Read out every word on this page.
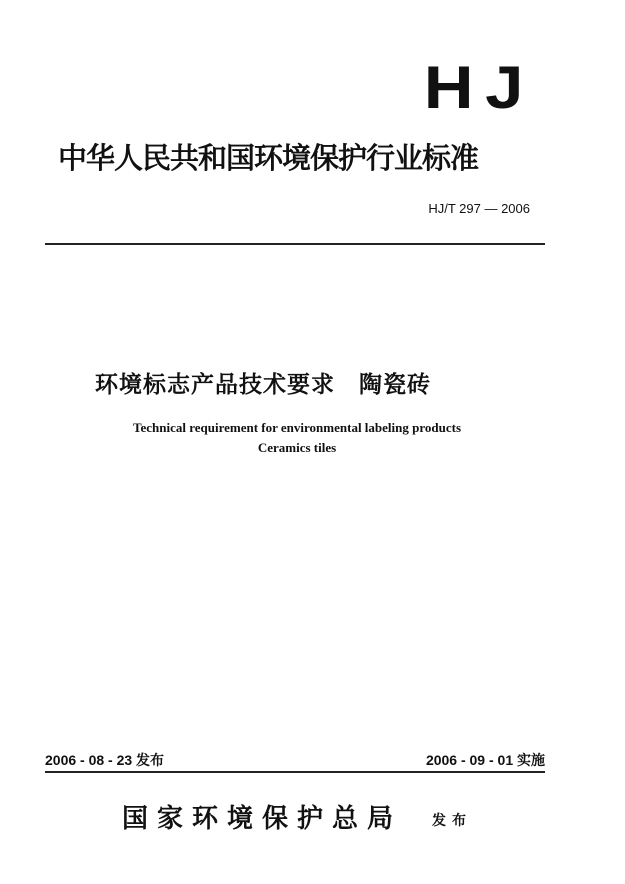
HJ
中华人民共和国环境保护行业标准
HJ/T 297 — 2006
环境标志产品技术要求 陶瓷砖
Technical requirement for environmental labeling products
Ceramics tiles
2006 - 08 - 23 发布	2006 - 09 - 01 实施
国家环境保护总局 发布
